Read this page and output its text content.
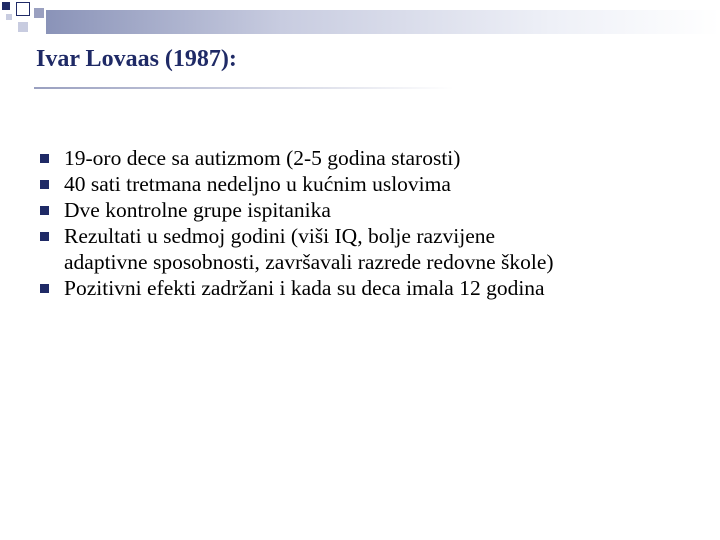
Ivar Lovaas (1987):
19-oro dece sa autizmom (2-5 godina starosti)
40 sati tretmana nedeljno u kućnim uslovima
Dve kontrolne grupe ispitanika
Rezultati u sedmoj godini (viši IQ, bolje razvijene
adaptivne sposobnosti, završavali razrede redovne škole)
Pozitivni efekti zadržani i kada su deca imala 12 godina
